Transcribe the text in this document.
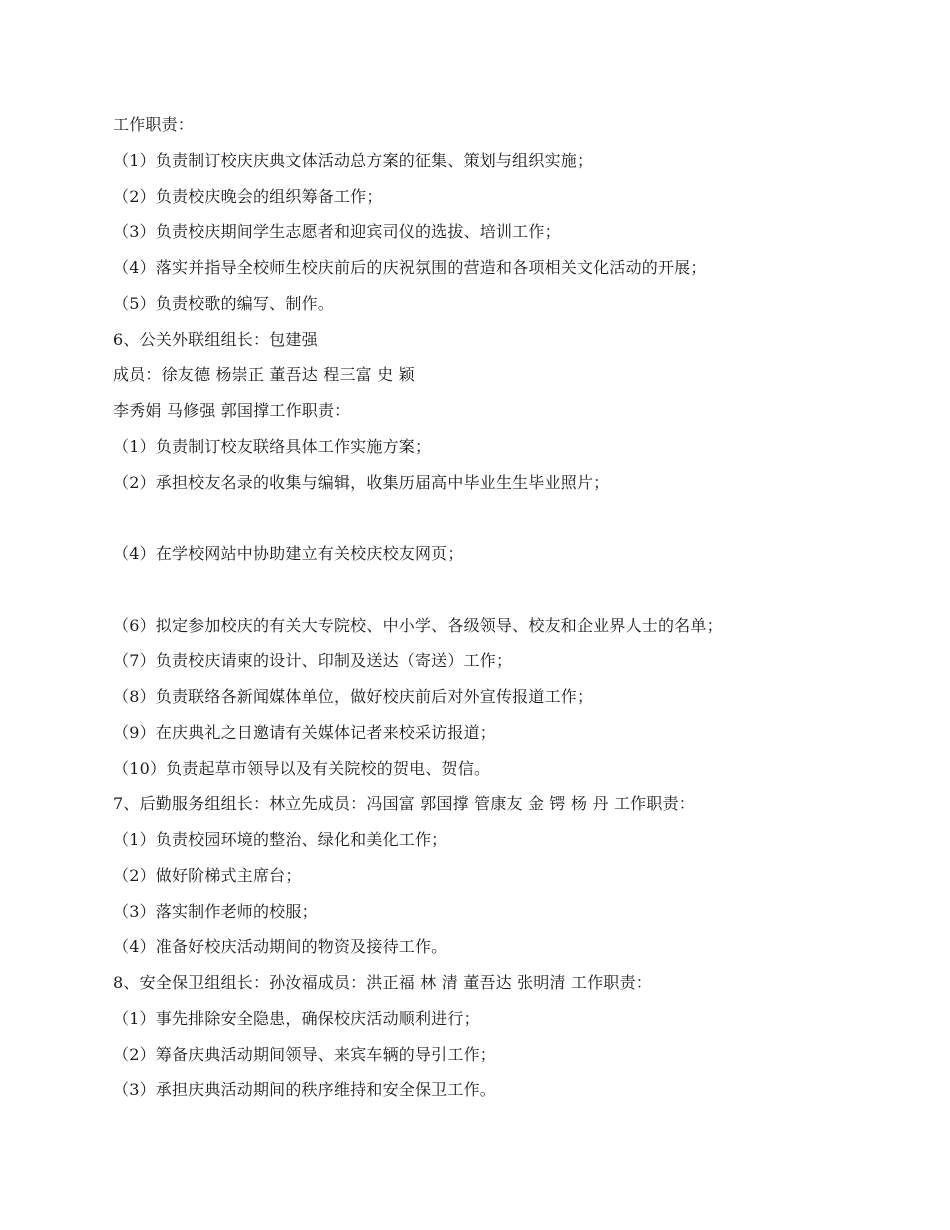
工作职责：
（1）负责制订校庆庆典文体活动总方案的征集、策划与组织实施；
（2）负责校庆晚会的组织筹备工作；
（3）负责校庆期间学生志愿者和迎宾司仪的选拔、培训工作；
（4）落实并指导全校师生校庆前后的庆祝氛围的营造和各项相关文化活动的开展；
（5）负责校歌的编写、制作。
6、公关外联组组长：包建强
成员：徐友德 杨崇正 董吾达 程三富 史 颖
李秀娟 马修强 郭国撑工作职责：
（1）负责制订校友联络具体工作实施方案；
（2）承担校友名录的收集与编辑，收集历届高中毕业生生毕业照片；
（4）在学校网站中协助建立有关校庆校友网页；
（6）拟定参加校庆的有关大专院校、中小学、各级领导、校友和企业界人士的名单；
（7）负责校庆请柬的设计、印制及送达（寄送）工作；
（8）负责联络各新闻媒体单位，做好校庆前后对外宣传报道工作；
（9）在庆典礼之日邀请有关媒体记者来校采访报道；
（10）负责起草市领导以及有关院校的贺电、贺信。
7、后勤服务组组长：林立先成员：冯国富 郭国撑 管康友 金 锷 杨 丹 工作职责：
（1）负责校园环境的整治、绿化和美化工作；
（2）做好阶梯式主席台；
（3）落实制作老师的校服；
（4）准备好校庆活动期间的物资及接待工作。
8、安全保卫组组长：孙汝福成员：洪正福 林 清 董吾达 张明清 工作职责：
（1）事先排除安全隐患，确保校庆活动顺利进行；
（2）筹备庆典活动期间领导、来宾车辆的导引工作；
（3）承担庆典活动期间的秩序维持和安全保卫工作。
